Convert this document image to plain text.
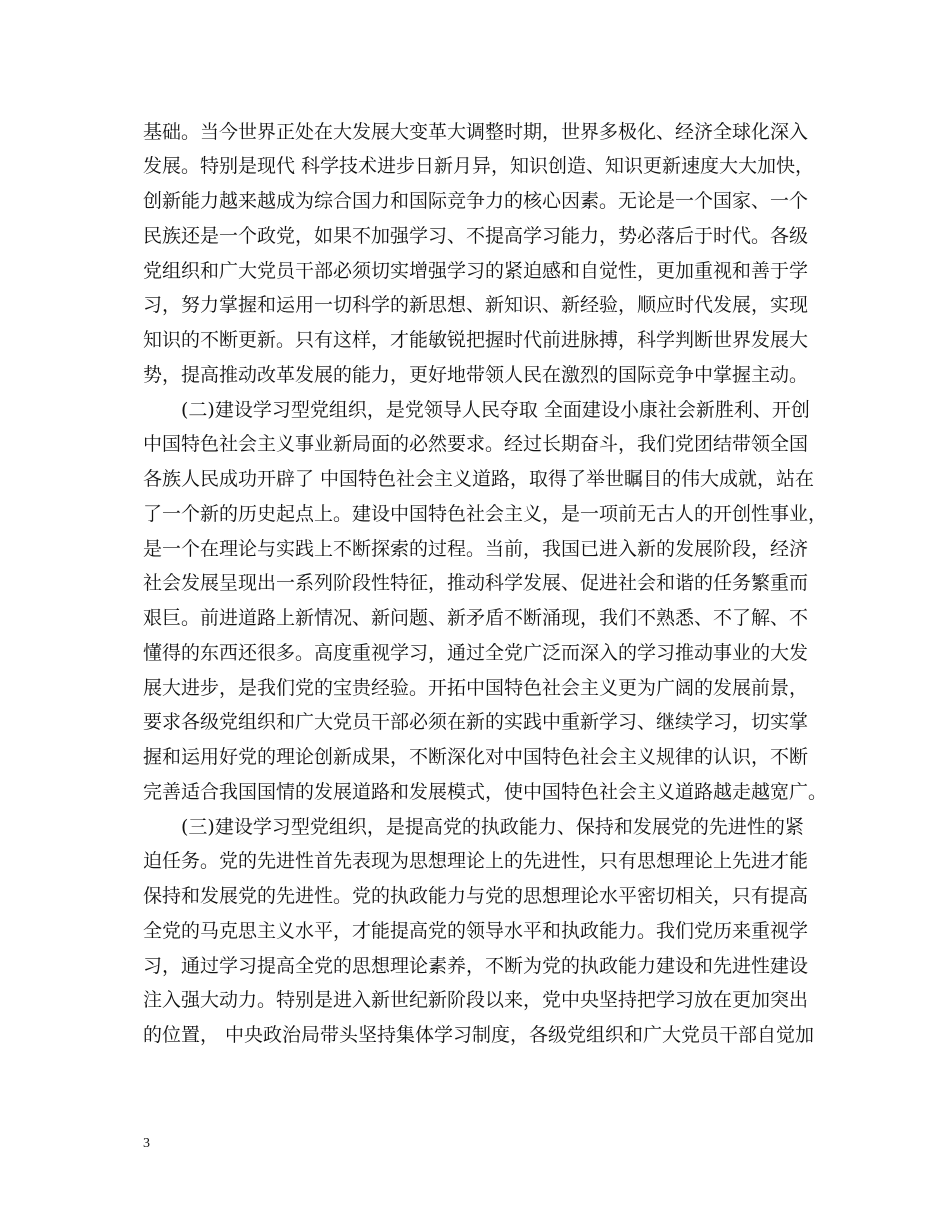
基础。当今世界正处在大发展大变革大调整时期，世界多极化、经济全球化深入
发展。特别是现代 科学技术进步日新月异，知识创造、知识更新速度大大加快，
创新能力越来越成为综合国力和国际竞争力的核心因素。无论是一个国家、一个
民族还是一个政党，如果不加强学习、不提高学习能力，势必落后于时代。各级
党组织和广大党员干部必须切实增强学习的紧迫感和自觉性，更加重视和善于学
习，努力掌握和运用一切科学的新思想、新知识、新经验，顺应时代发展，实现
知识的不断更新。只有这样，才能敏锐把握时代前进脉搏，科学判断世界发展大
势，提高推动改革发展的能力，更好地带领人民在激烈的国际竞争中掌握主动。
(二)建设学习型党组织，是党领导人民夺取 全面建设小康社会新胜利、开创
中国特色社会主义事业新局面的必然要求。经过长期奋斗，我们党团结带领全国
各族人民成功开辟了 中国特色社会主义道路，取得了举世瞩目的伟大成就，站在
了一个新的历史起点上。建设中国特色社会主义，是一项前无古人的开创性事业，
是一个在理论与实践上不断探索的过程。当前，我国已进入新的发展阶段，经济
社会发展呈现出一系列阶段性特征，推动科学发展、促进社会和谐的任务繁重而
艰巨。前进道路上新情况、新问题、新矛盾不断涌现，我们不熟悉、不了解、不
懂得的东西还很多。高度重视学习，通过全党广泛而深入的学习推动事业的大发
展大进步，是我们党的宝贵经验。开拓中国特色社会主义更为广阔的发展前景，
要求各级党组织和广大党员干部必须在新的实践中重新学习、继续学习，切实掌
握和运用好党的理论创新成果，不断深化对中国特色社会主义规律的认识，不断
完善适合我国国情的发展道路和发展模式，使中国特色社会主义道路越走越宽广。
(三)建设学习型党组织，是提高党的执政能力、保持和发展党的先进性的紧
迫任务。党的先进性首先表现为思想理论上的先进性，只有思想理论上先进才能
保持和发展党的先进性。党的执政能力与党的思想理论水平密切相关，只有提高
全党的马克思主义水平，才能提高党的领导水平和执政能力。我们党历来重视学
习，通过学习提高全党的思想理论素养，不断为党的执政能力建设和先进性建设
注入强大动力。特别是进入新世纪新阶段以来，党中央坚持把学习放在更加突出
的位置， 中央政治局带头坚持集体学习制度，各级党组织和广大党员干部自觉加
3
